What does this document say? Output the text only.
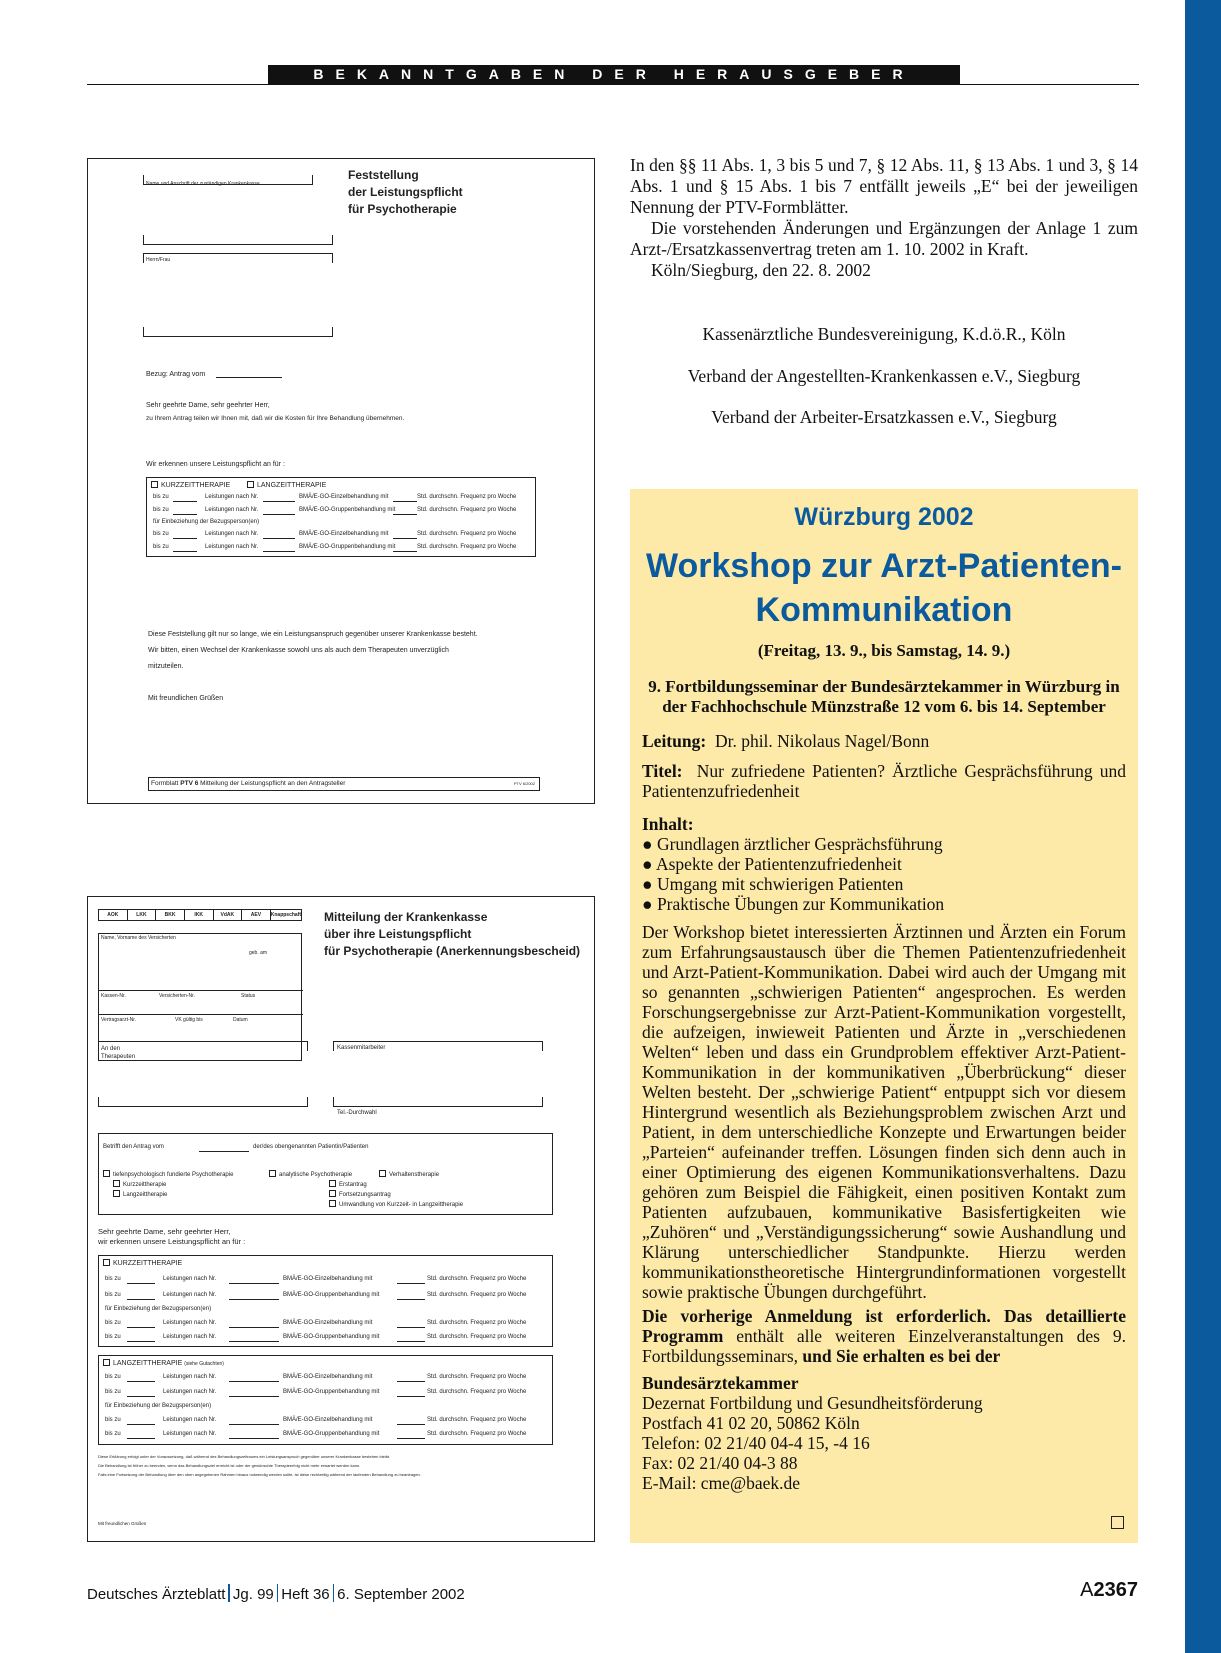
BEKANNTGABEN DER HERAUSGEBER
Name und Anschrift der zuständigen Krankenkasse
Feststellung
der Leistungspflicht
für Psychotherapie
Herrn/Frau
Bezug: Antrag vom
Sehr geehrte Dame, sehr geehrter Herr,
zu Ihrem Antrag teilen wir Ihnen mit, daß wir die Kosten für Ihre Behandlung übernehmen.
Wir erkennen unsere Leistungspflicht an für :
KURZZEITTHERAPIE	LANGZEITTHERAPIE
bis zu	Leistungen nach Nr.	BMÄ/E-GO-Einzelbehandlung mit	Std. durchschn. Frequenz pro Woche
bis zu	Leistungen nach Nr.	BMÄ/E-GO-Gruppenbehandlung mit	Std. durchschn. Frequenz pro Woche
für Einbeziehung der Bezugsperson(en)
bis zu	Leistungen nach Nr.	BMÄ/E-GO-Einzelbehandlung mit	Std. durchschn. Frequenz pro Woche
bis zu	Leistungen nach Nr.	BMÄ/E-GO-Gruppenbehandlung mit	Std. durchschn. Frequenz pro Woche
Diese Feststellung gilt nur so lange, wie ein Leistungsanspruch gegenüber unserer Krankenkasse besteht.
Wir bitten, einen Wechsel der Krankenkasse sowohl uns als auch dem Therapeuten unverzüglich
mitzuteilen.
Mit freundlichen Grüßen
Formblatt PTV 6 Mitteilung der Leistungspflicht an den Antragsteller	PTV 6/2002
AOK	LKK	BKK	IKK	VdAK	AEV	Knappschaft Mitteilung der Krankenkasse
über ihre Leistungspflicht
für Psychotherapie (Anerkennungsbescheid)
Name, Vorname des Versicherten
geb. am
Kassen-Nr.	Versicherten-Nr.	Status
Vertragsarzt-Nr.	VK gültig bis	Datum
An den
Therapeuten
Kassenmitarbeiter
Tel.-Durchwahl
Betrifft den Antrag vom	der/des obengenannten Patientin/Patienten
tiefenpsychologisch fundierte Psychotherapie	analytische Psychotherapie	Verhaltenstherapie
Kurzzeittherapie
Langzeittherapie
Erstantrag
Fortsetzungsantrag
Umwandlung von Kurzzeit- in Langzeittherapie
Sehr geehrte Dame, sehr geehrter Herr,
wir erkennen unsere Leistungspflicht an für :
KURZZEITTHERAPIE
bis zu	Leistungen nach Nr.	BMÄ/E-GO-Einzelbehandlung mit	Std. durchschn. Frequenz pro Woche
bis zu	Leistungen nach Nr.	BMÄ/E-GO-Gruppenbehandlung mit	Std. durchschn. Frequenz pro Woche
für Einbeziehung der Bezugsperson(en)
bis zu	Leistungen nach Nr.	BMÄ/E-GO-Einzelbehandlung mit	Std. durchschn. Frequenz pro Woche
bis zu	Leistungen nach Nr.	BMÄ/E-GO-Gruppenbehandlung mit	Std. durchschn. Frequenz pro Woche
LANGZEITTHERAPIE (siehe Gutachten)
bis zu	Leistungen nach Nr.	BMÄ/E-GO-Einzelbehandlung mit	Std. durchschn. Frequenz pro Woche
bis zu	Leistungen nach Nr.	BMÄ/E-GO-Gruppenbehandlung mit	Std. durchschn. Frequenz pro Woche
für Einbeziehung der Bezugsperson(en)
bis zu	Leistungen nach Nr.	BMÄ/E-GO-Einzelbehandlung mit	Std. durchschn. Frequenz pro Woche
bis zu	Leistungen nach Nr.	BMÄ/E-GO-Gruppenbehandlung mit	Std. durchschn. Frequenz pro Woche
Diese Erklärung erfolgt unter der Voraussetzung, daß während des Behandlungszeitraums ein Leistungsanspruch gegenüber unserer Krankenkasse bestehen bleibt.
Die Behandlung ist früher zu beenden, wenn das Behandlungsziel erreicht ist oder der gewünschte Therapieerfolg nicht mehr erwartet werden kann.
Falls eine Fortsetzung der Behandlung über den oben angegebenen Rahmen hinaus notwendig werden sollte, ist diese rechtzeitig während der laufenden Behandlung zu beantragen.
Mit freundlichen Grüßen

In den §§ 11 Abs. 1, 3 bis 5 und 7, § 12 Abs. 11, § 13 Abs. 1 und 3, § 14 Abs. 1 und § 15 Abs. 1 bis 7 entfällt jeweils „E“ bei der jeweiligen Nennung der PTV-Formblätter.

Die vorstehenden Änderungen und Ergänzungen der Anlage 1 zum Arzt-/Ersatzkassenvertrag treten am 1. 10. 2002 in Kraft.

Köln/Siegburg, den 22. 8. 2002

Kassenärztliche Bundesvereinigung, K.d.ö.R., Köln
Verband der Angestellten-Krankenkassen e.V., Siegburg
Verband der Arbeiter-Ersatzkassen e.V., Siegburg
Würzburg 2002
Workshop zur Arzt-Patienten-
Kommunikation
(Freitag, 13. 9., bis Samstag, 14. 9.)
9. Fortbildungsseminar der Bundesärztekammer in Würzburg in der Fachhochschule Münzstraße 12 vom 6. bis 14. September
Leitung: Dr. phil. Nikolaus Nagel/Bonn
Titel: Nur zufriedene Patienten? Ärztliche Gesprächsführung und Patientenzufriedenheit
Inhalt:
● Grundlagen ärztlicher Gesprächsführung
● Aspekte der Patientenzufriedenheit
● Umgang mit schwierigen Patienten
● Praktische Übungen zur Kommunikation
Der Workshop bietet interessierten Ärztinnen und Ärzten ein Forum zum Erfahrungsaustausch über die Themen Patientenzufriedenheit und Arzt-Patient-Kommunikation. Dabei wird auch der Umgang mit so genannten „schwierigen Patienten“ angesprochen. Es werden Forschungsergebnisse zur Arzt-Patient-Kommunikation vorgestellt, die aufzeigen, inwieweit Patienten und Ärzte in „verschiedenen Welten“ leben und dass ein Grundproblem effektiver Arzt-Patient-Kommunikation in der kommunikativen „Überbrückung“ dieser Welten besteht. Der „schwierige Patient“ entpuppt sich vor diesem Hintergrund wesentlich als Beziehungsproblem zwischen Arzt und Patient, in dem unterschiedliche Konzepte und Erwartungen beider „Parteien“ aufeinander treffen. Lösungen finden sich denn auch in einer Optimierung des eigenen Kommunikationsverhaltens. Dazu gehören zum Beispiel die Fähigkeit, einen positiven Kontakt zum Patienten aufzubauen, kommunikative Basisfertigkeiten wie „Zuhören“ und „Verständigungssicherung“ sowie Aushandlung und Klärung unterschiedlicher Standpunkte. Hierzu werden kommunikationstheoretische Hintergrundinformationen vorgestellt sowie praktische Übungen durchgeführt.
Die vorherige Anmeldung ist erforderlich. Das detaillierte Programm enthält alle weiteren Einzelveranstaltungen des 9. Fortbildungsseminars, und Sie erhalten es bei der
Bundesärztekammer
Dezernat Fortbildung und Gesundheitsförderung
Postfach 41 02 20, 50862 Köln
Telefon: 02 21/40 04-4 15, -4 16
Fax: 02 21/40 04-3 88
E-Mail: cme@baek.de
Deutsches Ärzteblatt Jg. 99 Heft 36 6. September 2002	A2367
